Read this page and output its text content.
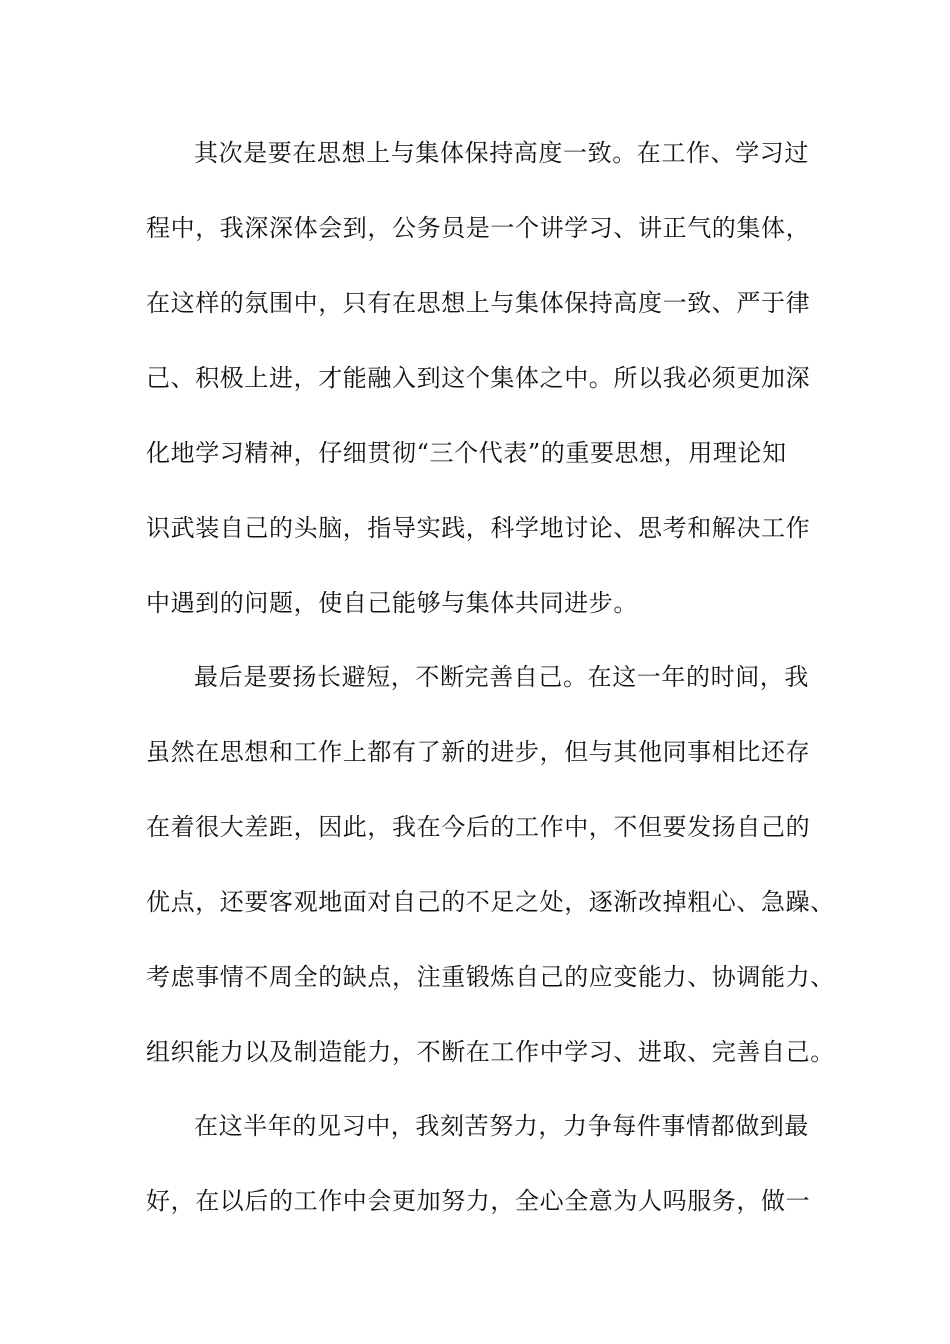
其次是要在思想上与集体保持高度一致。在工作、学习过
程中，我深深体会到，公务员是一个讲学习、讲正气的集体，
在这样的氛围中，只有在思想上与集体保持高度一致、严于律
己、积极上进，才能融入到这个集体之中。所以我必须更加深
化地学习精神，仔细贯彻“三个代表”的重要思想，用理论知
识武装自己的头脑，指导实践，科学地讨论、思考和解决工作
中遇到的问题，使自己能够与集体共同进步。
最后是要扬长避短，不断完善自己。在这一年的时间，我
虽然在思想和工作上都有了新的进步，但与其他同事相比还存
在着很大差距，因此，我在今后的工作中，不但要发扬自己的
优点，还要客观地面对自己的不足之处，逐渐改掉粗心、急躁、
考虑事情不周全的缺点，注重锻炼自己的应变能力、协调能力、
组织能力以及制造能力，不断在工作中学习、进取、完善自己。
在这半年的见习中，我刻苦努力，力争每件事情都做到最
好，在以后的工作中会更加努力，全心全意为人吗服务，做一
